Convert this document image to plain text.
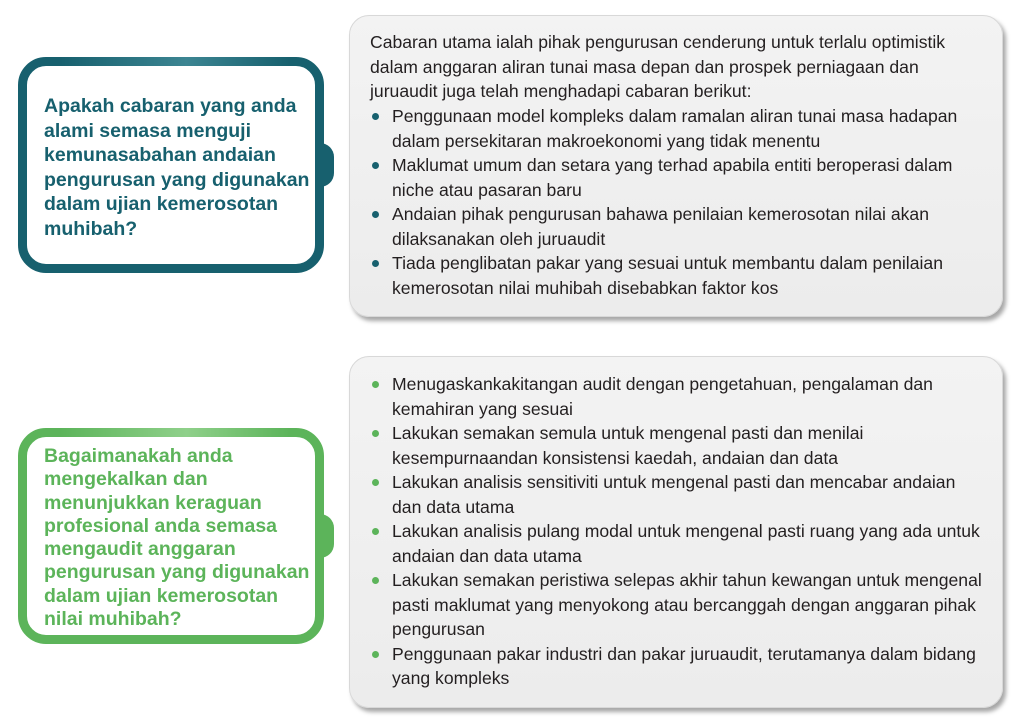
Apakah cabaran yang anda alami semasa menguji kemunasabahan andaian pengurusan yang digunakan dalam ujian kemerosotan muhibah?

Cabaran utama ialah pihak pengurusan cenderung untuk terlalu optimistik dalam anggaran aliran tunai masa depan dan prospek perniagaan dan juruaudit juga telah menghadapi cabaran berikut:

Penggunaan model kompleks dalam ramalan aliran tunai masa hadapan dalam persekitaran makroekonomi yang tidak menentu
Maklumat umum dan setara yang terhad apabila entiti beroperasi dalam niche atau pasaran baru
Andaian pihak pengurusan bahawa penilaian kemerosotan nilai akan dilaksanakan oleh juruaudit
Tiada penglibatan pakar yang sesuai untuk membantu dalam penilaian kemerosotan nilai muhibah disebabkan faktor kos

Bagaimanakah anda mengekalkan dan menunjukkan keraguan profesional anda semasa mengaudit anggaran pengurusan yang digunakan dalam ujian kemerosotan nilai muhibah?

Menugaskankakitangan audit dengan pengetahuan, pengalaman dan kemahiran yang sesuai
Lakukan semakan semula untuk mengenal pasti dan menilai kesempurnaandan konsistensi kaedah, andaian dan data
Lakukan analisis sensitiviti untuk mengenal pasti dan mencabar andaian dan data utama
Lakukan analisis pulang modal untuk mengenal pasti ruang yang ada untuk andaian dan data utama
Lakukan semakan peristiwa selepas akhir tahun kewangan untuk mengenal pasti maklumat yang menyokong atau bercanggah dengan anggaran pihak pengurusan
Penggunaan pakar industri dan pakar juruaudit, terutamanya dalam bidang yang kompleks
